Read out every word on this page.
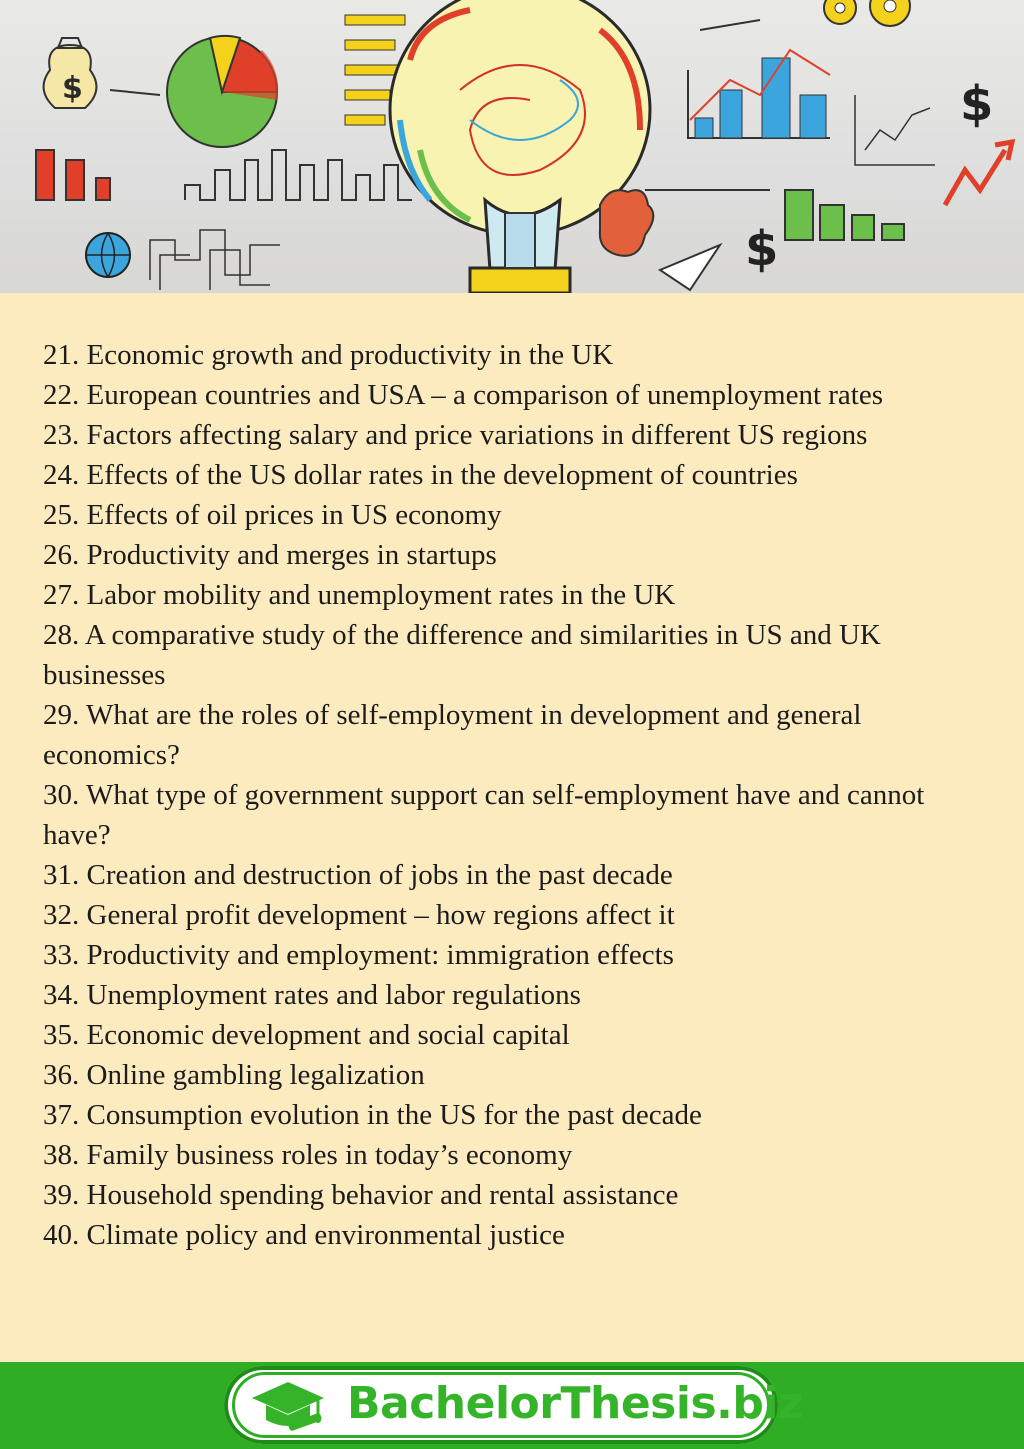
$	$
$
21. Economic growth and productivity in the UK
22. European countries and USA – a comparison of unemployment rates
23. Factors affecting salary and price variations in different US regions
24. Effects of the US dollar rates in the development of countries
25. Effects of oil prices in US economy
26. Productivity and merges in startups
27. Labor mobility and unemployment rates in the UK
28. A comparative study of the difference and similarities in US and UK businesses
29. What are the roles of self-employment in development and general economics?
30. What type of government support can self-employment have and cannot have?
31. Creation and destruction of jobs in the past decade
32. General profit development – how regions affect it
33. Productivity and employment: immigration effects
34. Unemployment rates and labor regulations
35. Economic development and social capital
36. Online gambling legalization
37. Consumption evolution in the US for the past decade
38. Family business roles in today’s economy
39. Household spending behavior and rental assistance
40. Climate policy and environmental justice
BachelorThesis.biz
